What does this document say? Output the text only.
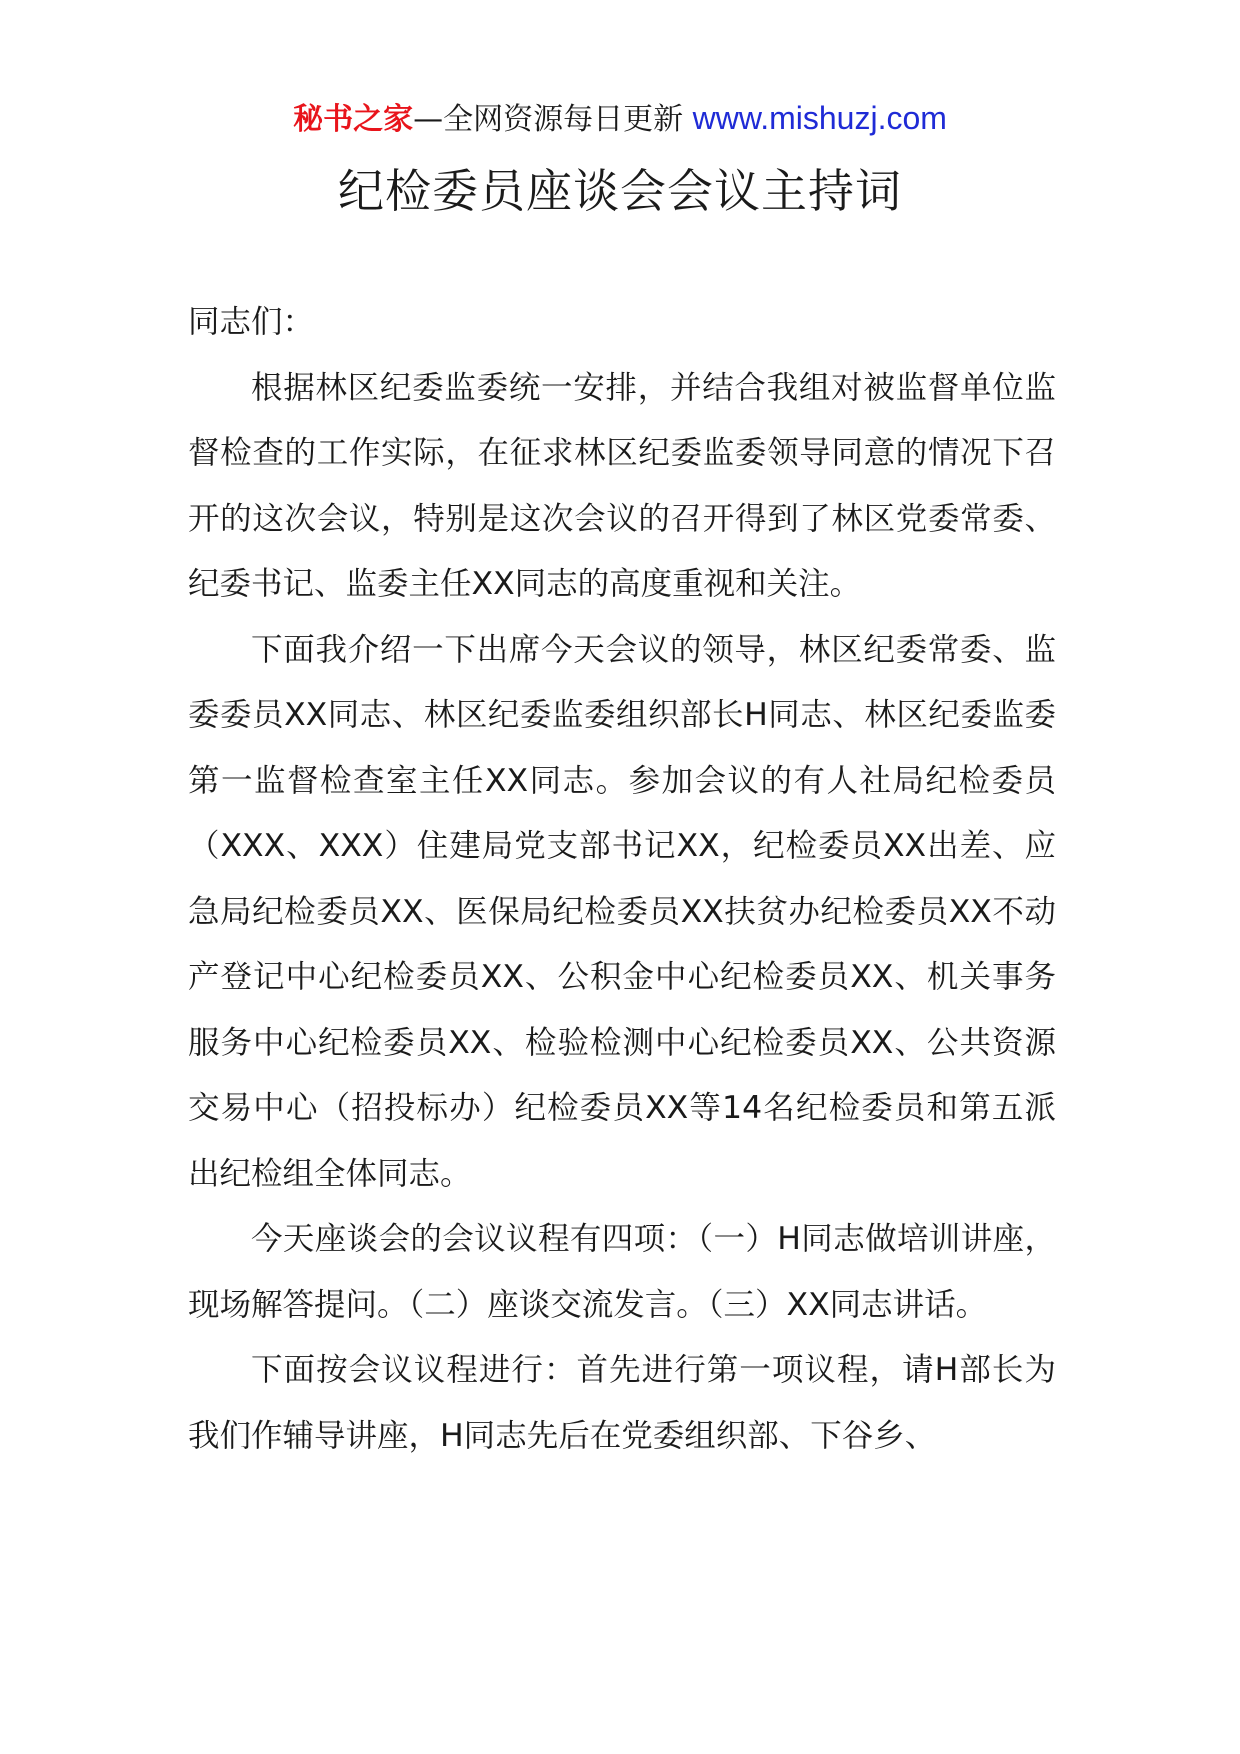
秘书之家—全网资源每日更新 www.mishuzj.com
纪检委员座谈会会议主持词

同志们：

根据林区纪委监委统一安排，并结合我组对被监督单位监督检查的工作实际，在征求林区纪委监委领导同意的情况下召开的这次会议，特别是这次会议的召开得到了林区党委常委、纪委书记、监委主任XX同志的高度重视和关注。

下面我介绍一下出席今天会议的领导，林区纪委常委、监委委员XX同志、林区纪委监委组织部长H同志、林区纪委监委第一监督检查室主任XX同志。参加会议的有人社局纪检委员（XXX、XXX）住建局党支部书记XX，纪检委员XX出差、应急局纪检委员XX、医保局纪检委员XX扶贫办纪检委员XX不动产登记中心纪检委员XX、公积金中心纪检委员XX、机关事务服务中心纪检委员XX、检验检测中心纪检委员XX、公共资源交易中心（招投标办）纪检委员XX等14名纪检委员和第五派出纪检组全体同志。

今天座谈会的会议议程有四项：（一）H同志做培训讲座，现场解答提问。（二）座谈交流发言。（三）XX同志讲话。

下面按会议议程进行：首先进行第一项议程，请H部长为我们作辅导讲座，H同志先后在党委组织部、下谷乡、
